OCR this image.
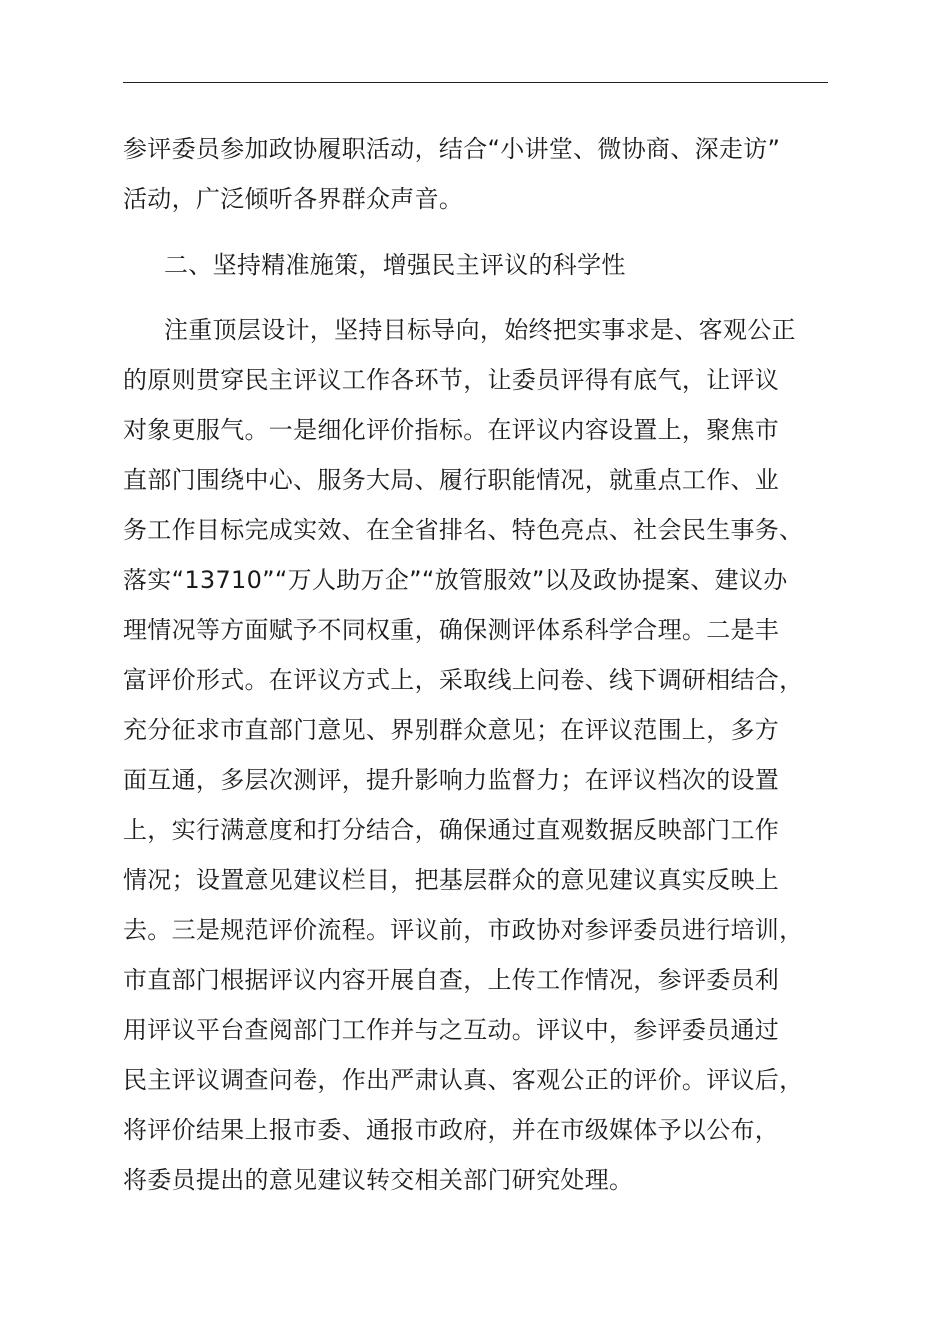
参评委员参加政协履职活动，结合“小讲堂、微协商、深走访”
活动，广泛倾听各界群众声音。
二、坚持精准施策，增强民主评议的科学性
注重顶层设计，坚持目标导向，始终把实事求是、客观公正
的原则贯穿民主评议工作各环节，让委员评得有底气，让评议
对象更服气。一是细化评价指标。在评议内容设置上，聚焦市
直部门围绕中心、服务大局、履行职能情况，就重点工作、业
务工作目标完成实效、在全省排名、特色亮点、社会民生事务、
落实“13710”“万人助万企”“放管服效”以及政协提案、建议办
理情况等方面赋予不同权重，确保测评体系科学合理。二是丰
富评价形式。在评议方式上，采取线上问卷、线下调研相结合，
充分征求市直部门意见、界别群众意见；在评议范围上，多方
面互通，多层次测评，提升影响力监督力；在评议档次的设置
上，实行满意度和打分结合，确保通过直观数据反映部门工作
情况；设置意见建议栏目，把基层群众的意见建议真实反映上
去。三是规范评价流程。评议前，市政协对参评委员进行培训，
市直部门根据评议内容开展自查，上传工作情况，参评委员利
用评议平台查阅部门工作并与之互动。评议中，参评委员通过
民主评议调查问卷，作出严肃认真、客观公正的评价。评议后，
将评价结果上报市委、通报市政府，并在市级媒体予以公布，
将委员提出的意见建议转交相关部门研究处理。
